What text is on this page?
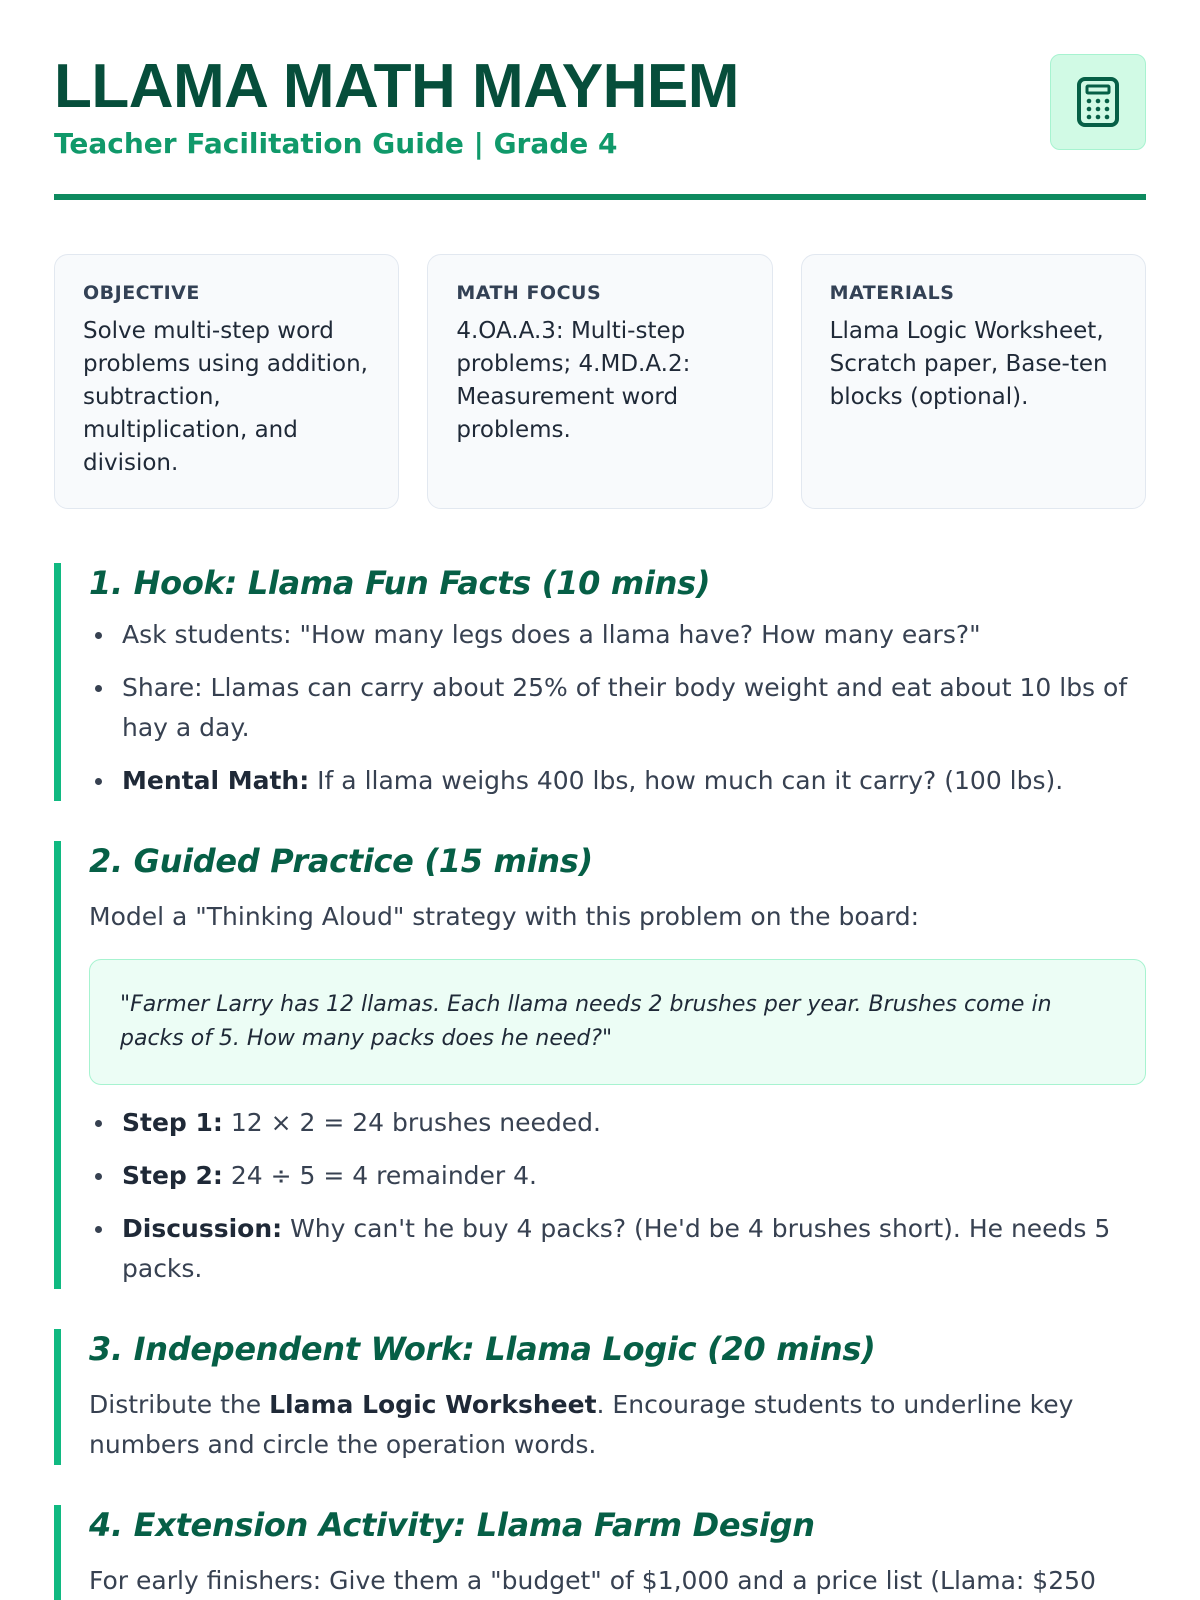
LLAMA MATH MAYHEM
Teacher Facilitation Guide | Grade 4
OBJECTIVE
Solve multi-step word problems using addition, subtraction, multiplication, and division.
MATH FOCUS
4.OA.A.3: Multi-step problems; 4.MD.A.2: Measurement word problems.
MATERIALS
Llama Logic Worksheet, Scratch paper, Base-ten blocks (optional).
1. Hook: Llama Fun Facts (10 mins)
Ask students: "How many legs does a llama have? How many ears?"
Share: Llamas can carry about 25% of their body weight and eat about 10 lbs of hay a day.
Mental Math: If a llama weighs 400 lbs, how much can it carry? (100 lbs).
2. Guided Practice (15 mins)

Model a "Thinking Aloud" strategy with this problem on the board:

"Farmer Larry has 12 llamas. Each llama needs 2 brushes per year. Brushes come in packs of 5. How many packs does he need?"

Step 1: 12 × 2 = 24 brushes needed.
Step 2: 24 ÷ 5 = 4 remainder 4.
Discussion: Why can't he buy 4 packs? (He'd be 4 brushes short). He needs 5 packs.
3. Independent Work: Llama Logic (20 mins)

Distribute the Llama Logic Worksheet. Encourage students to underline key numbers and circle the operation words.

4. Extension Activity: Llama Farm Design

For early finishers: Give them a "budget" of $1,000 and a price list (Llama: $250
